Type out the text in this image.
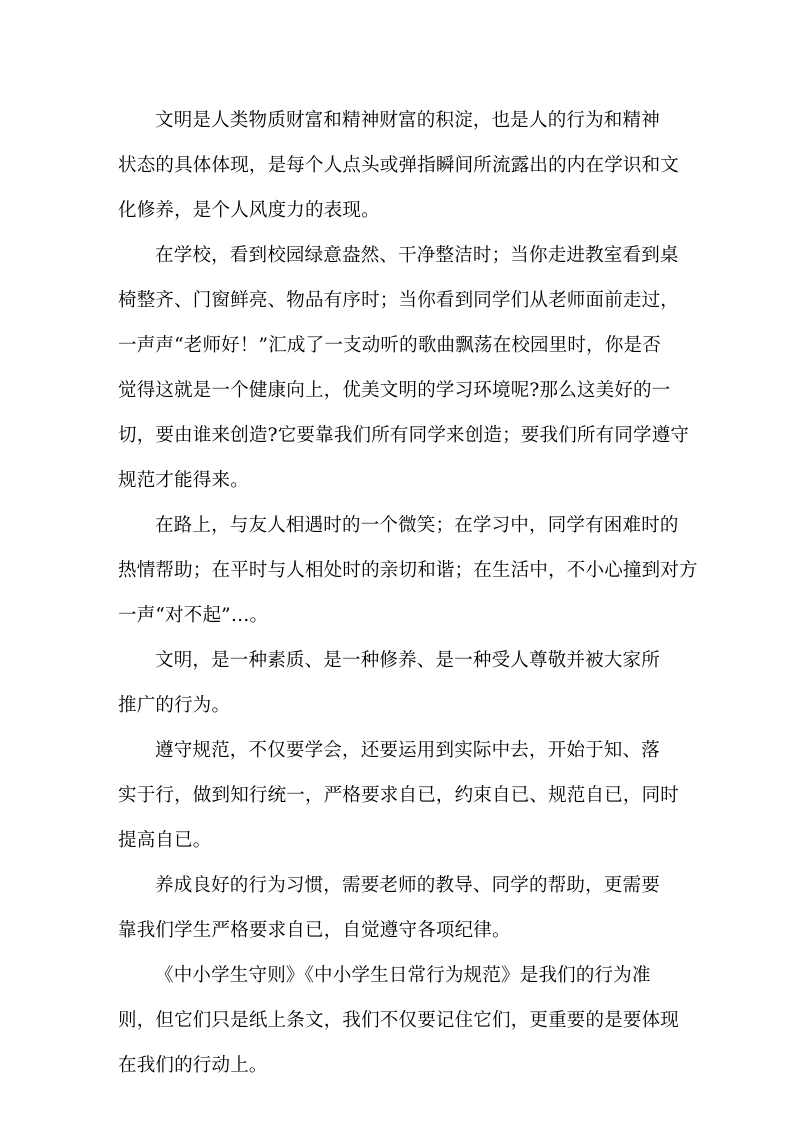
文明是人类物质财富和精神财富的积淀，也是人的行为和精神
状态的具体体现，是每个人点头或弹指瞬间所流露出的内在学识和文
化修养，是个人风度力的表现。

在学校，看到校园绿意盎然、干净整洁时；当你走进教室看到桌
椅整齐、门窗鲜亮、物品有序时；当你看到同学们从老师面前走过，
一声声“老师好！”汇成了一支动听的歌曲飘荡在校园里时，你是否
觉得这就是一个健康向上，优美文明的学习环境呢?那么这美好的一
切，要由谁来创造?它要靠我们所有同学来创造；要我们所有同学遵守
规范才能得来。

在路上，与友人相遇时的一个微笑；在学习中，同学有困难时的
热情帮助；在平时与人相处时的亲切和谐；在生活中，不小心撞到对方
一声“对不起”…。

文明，是一种素质、是一种修养、是一种受人尊敬并被大家所
推广的行为。

遵守规范，不仅要学会，还要运用到实际中去，开始于知、落
实于行，做到知行统一，严格要求自已，约束自已、规范自已，同时
提高自已。

养成良好的行为习惯，需要老师的教导、同学的帮助，更需要
靠我们学生严格要求自已，自觉遵守各项纪律。

《中小学生守则》《中小学生日常行为规范》是我们的行为准
则，但它们只是纸上条文，我们不仅要记住它们，更重要的是要体现
在我们的行动上。
